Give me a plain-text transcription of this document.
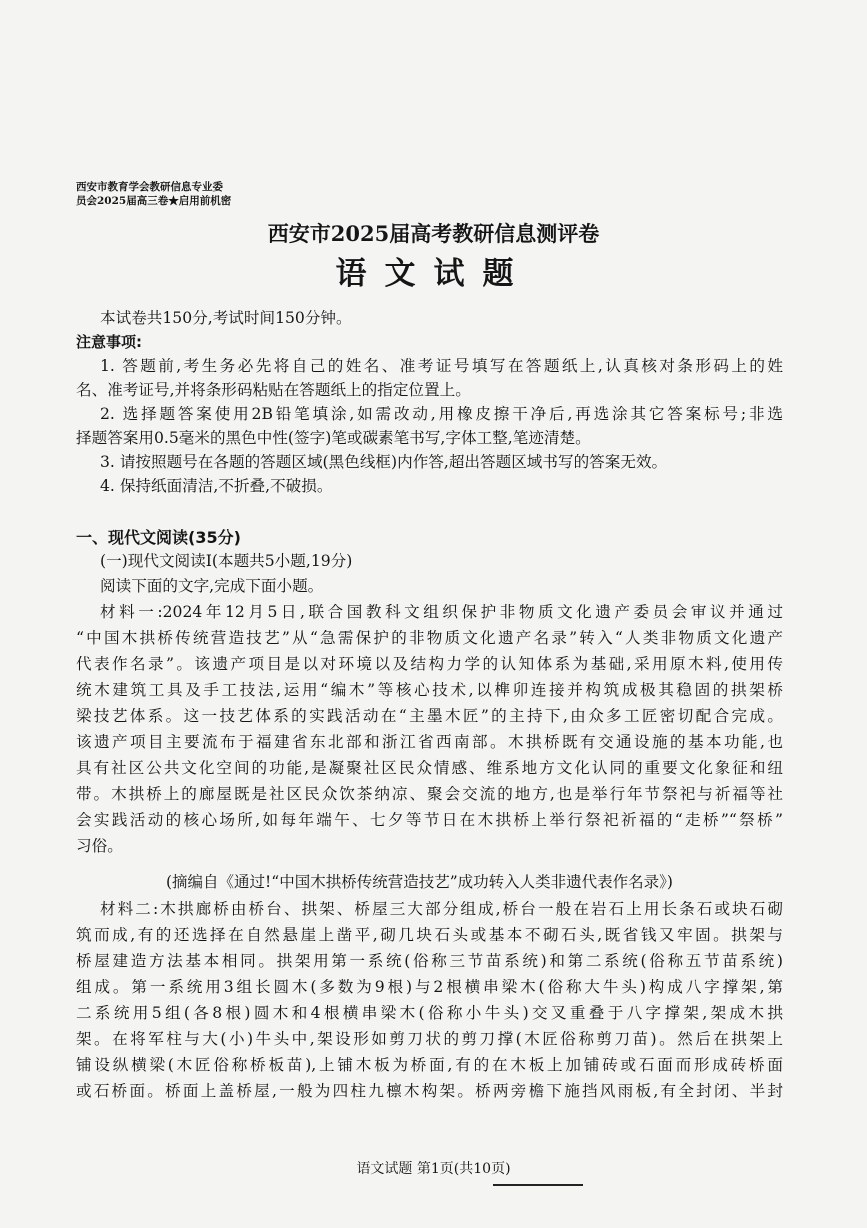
西安市教育学会教研信息专业委
员会2025届高三卷★启用前机密
西安市2025届高考教研信息测评卷
语文试题
本试卷共150分,考试时间150分钟。
注意事项:
1. 答题前,考生务必先将自己的姓名、准考证号填写在答题纸上,认真核对条形码上的姓
名、准考证号,并将条形码粘贴在答题纸上的指定位置上。
2. 选择题答案使用2B铅笔填涂,如需改动,用橡皮擦干净后,再选涂其它答案标号;非选
择题答案用0.5毫米的黑色中性(签字)笔或碳素笔书写,字体工整,笔迹清楚。
3. 请按照题号在各题的答题区域(黑色线框)内作答,超出答题区域书写的答案无效。
4. 保持纸面清洁,不折叠,不破损。
一、现代文阅读(35分)
(一)现代文阅读Ⅰ(本题共5小题,19分)
阅读下面的文字,完成下面小题。
材料一:2024年12月5日,联合国教科文组织保护非物质文化遗产委员会审议并通过
“中国木拱桥传统营造技艺”从“急需保护的非物质文化遗产名录”转入“人类非物质文化遗产
代表作名录”。该遗产项目是以对环境以及结构力学的认知体系为基础,采用原木料,使用传
统木建筑工具及手工技法,运用“编木”等核心技术,以榫卯连接并构筑成极其稳固的拱架桥
梁技艺体系。这一技艺体系的实践活动在“主墨木匠”的主持下,由众多工匠密切配合完成。
该遗产项目主要流布于福建省东北部和浙江省西南部。木拱桥既有交通设施的基本功能,也
具有社区公共文化空间的功能,是凝聚社区民众情感、维系地方文化认同的重要文化象征和纽
带。木拱桥上的廊屋既是社区民众饮茶纳凉、聚会交流的地方,也是举行年节祭祀与祈福等社
会实践活动的核心场所,如每年端午、七夕等节日在木拱桥上举行祭祀祈福的“走桥”“祭桥”
习俗。
(摘编自《通过!“中国木拱桥传统营造技艺”成功转入人类非遗代表作名录》)
材料二:木拱廊桥由桥台、拱架、桥屋三大部分组成,桥台一般在岩石上用长条石或块石砌
筑而成,有的还选择在自然悬崖上凿平,砌几块石头或基本不砌石头,既省钱又牢固。拱架与
桥屋建造方法基本相同。拱架用第一系统(俗称三节苗系统)和第二系统(俗称五节苗系统)
组成。第一系统用3组长圆木(多数为9根)与2根横串梁木(俗称大牛头)构成八字撑架,第
二系统用5组(各8根)圆木和4根横串梁木(俗称小牛头)交叉重叠于八字撑架,架成木拱
架。在将军柱与大(小)牛头中,架设形如剪刀状的剪刀撑(木匠俗称剪刀苗)。然后在拱架上
铺设纵横梁(木匠俗称桥板苗),上铺木板为桥面,有的在木板上加铺砖或石面而形成砖桥面
或石桥面。桥面上盖桥屋,一般为四柱九檩木构架。桥两旁檐下施挡风雨板,有全封闭、半封
语文试题 第1页(共10页)
